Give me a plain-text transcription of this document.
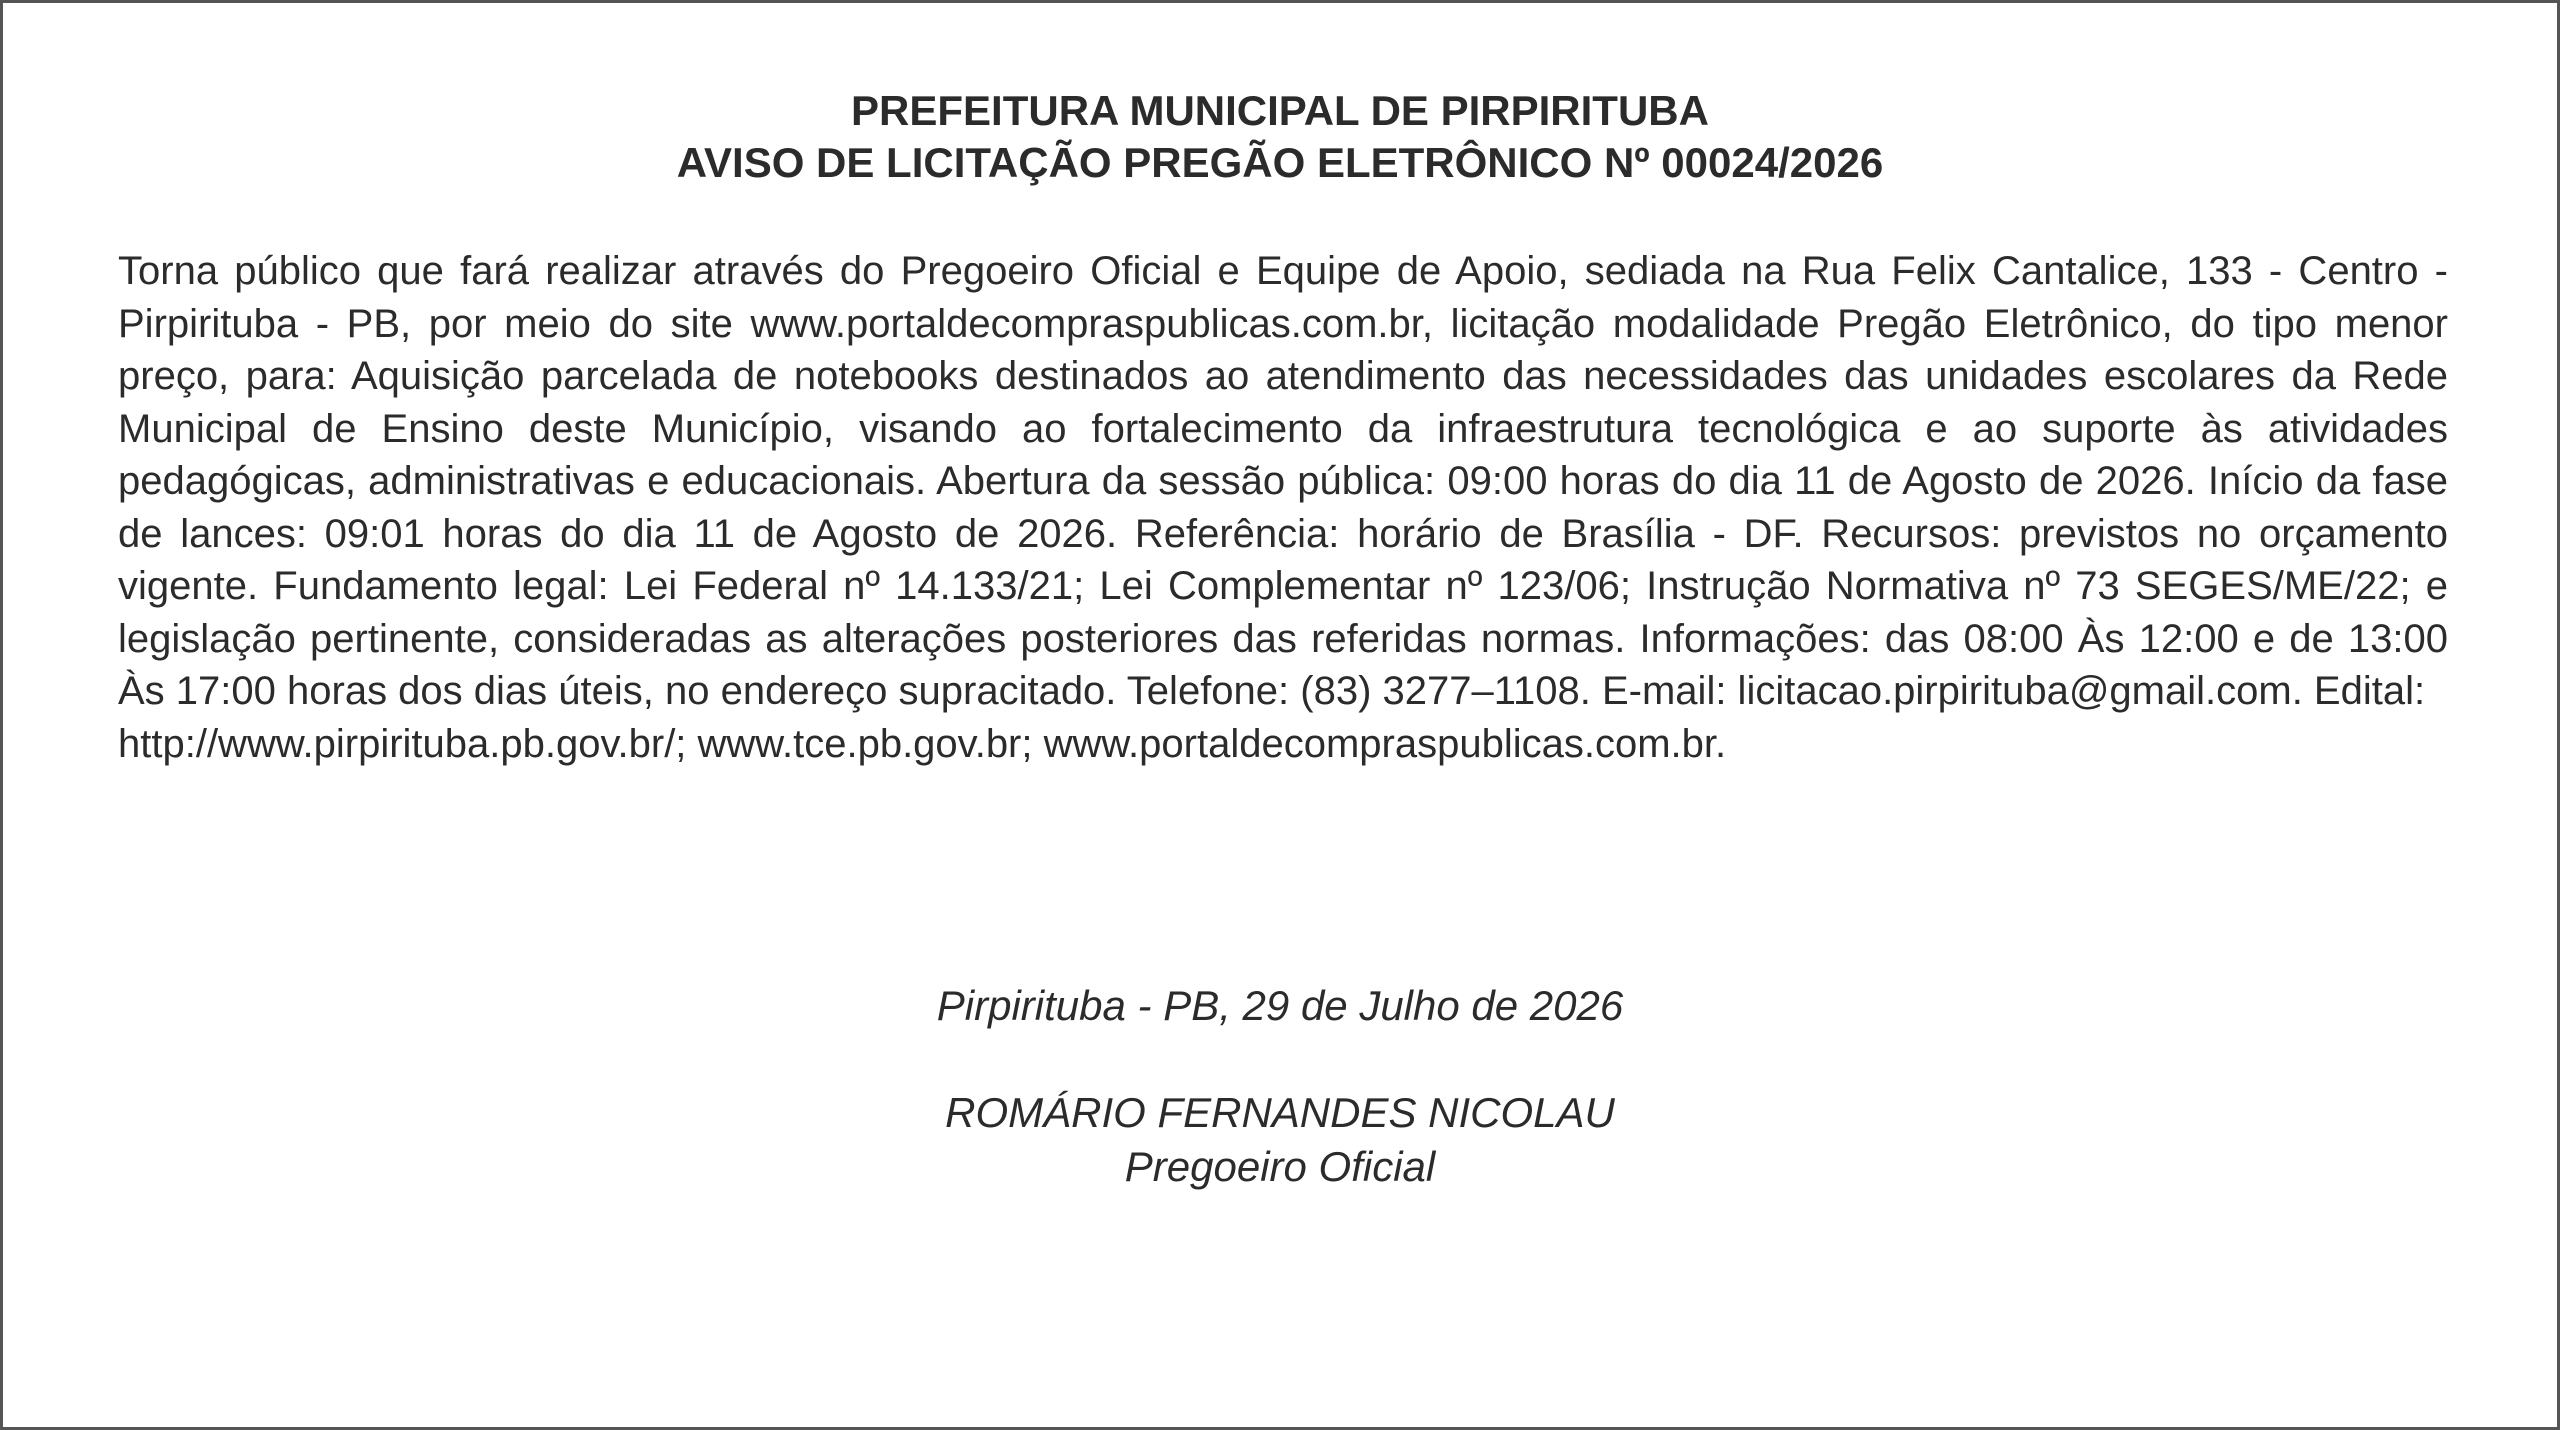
PREFEITURA MUNICIPAL DE PIRPIRITUBA
AVISO DE LICITAÇÃO PREGÃO ELETRÔNICO Nº 00024/2026

Torna público que fará realizar através do Pregoeiro Oficial e Equipe de Apoio, sediada na Rua Felix Cantalice, 133 - Centro - Pirpirituba - PB, por meio do site www.portaldecompraspublicas.com.br, licitação modalidade Pregão Eletrônico, do tipo menor preço, para: Aquisição parcelada de notebooks destinados ao atendimento das necessidades das unidades escolares da Rede Municipal de Ensino deste Município, visando ao fortalecimento da infraestrutura tecnológica e ao suporte às atividades pedagógicas, administrativas e educacionais. Abertura da sessão pública: 09:00 horas do dia 11 de Agosto de 2026. Início da fase de lances: 09:01 horas do dia 11 de Agosto de 2026. Referência: horário de Brasília - DF. Recursos: previstos no orçamento vigente. Fundamento legal: Lei Federal nº 14.133/21; Lei Complementar nº 123/06; Instrução Normativa nº 73 SEGES/ME/22; e legislação pertinente, consideradas as alterações posteriores das referidas normas. Informações: das 08:00 Às 12:00 e de 13:00 Às 17:00 horas dos dias úteis, no endereço supracitado. Telefone: (83) 3277–1108. E-mail: licitacao.pirpirituba@gmail.com. Edital:
http://www.pirpirituba.pb.gov.br/; www.tce.pb.gov.br; www.portaldecompraspublicas.com.br.

Pirpirituba - PB, 29 de Julho de 2026
ROMÁRIO FERNANDES NICOLAU
Pregoeiro Oficial
